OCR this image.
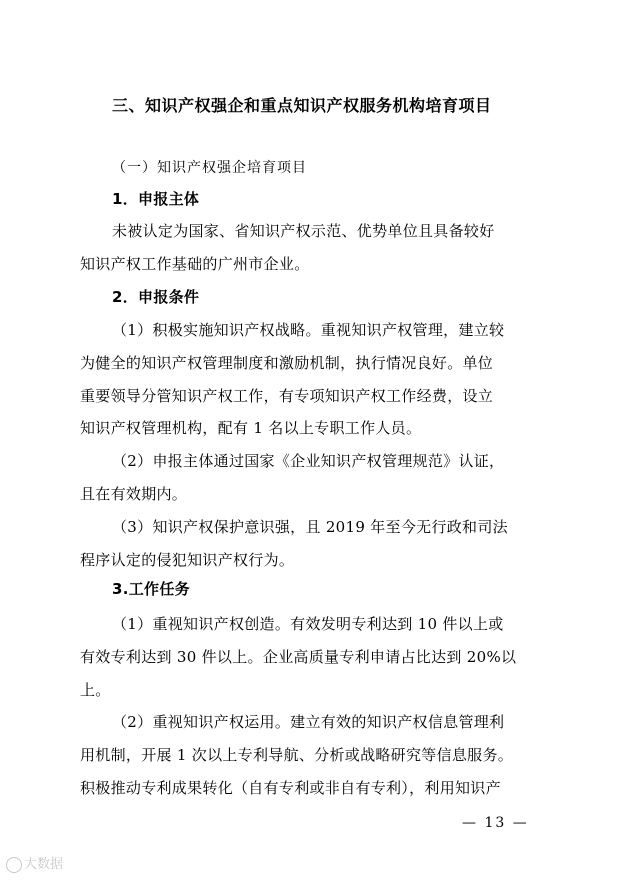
三、知识产权强企和重点知识产权服务机构培育项目
（一）知识产权强企培育项目
1．申报主体
未被认定为国家、省知识产权示范、优势单位且具备较好
知识产权工作基础的广州市企业。
2．申报条件
（1）积极实施知识产权战略。重视知识产权管理，建立较
为健全的知识产权管理制度和激励机制，执行情况良好。单位
重要领导分管知识产权工作，有专项知识产权工作经费，设立
知识产权管理机构，配有 1 名以上专职工作人员。
（2）申报主体通过国家《企业知识产权管理规范》认证，
且在有效期内。
（3）知识产权保护意识强，且 2019 年至今无行政和司法
程序认定的侵犯知识产权行为。
3.工作任务
（1）重视知识产权创造。有效发明专利达到 10 件以上或
有效专利达到 30 件以上。企业高质量专利申请占比达到 20%以
上。
（2）重视知识产权运用。建立有效的知识产权信息管理利
用机制，开展 1 次以上专利导航、分析或战略研究等信息服务。
积极推动专利成果转化（自有专利或非自有专利），利用知识产
— 13 —
大数据
